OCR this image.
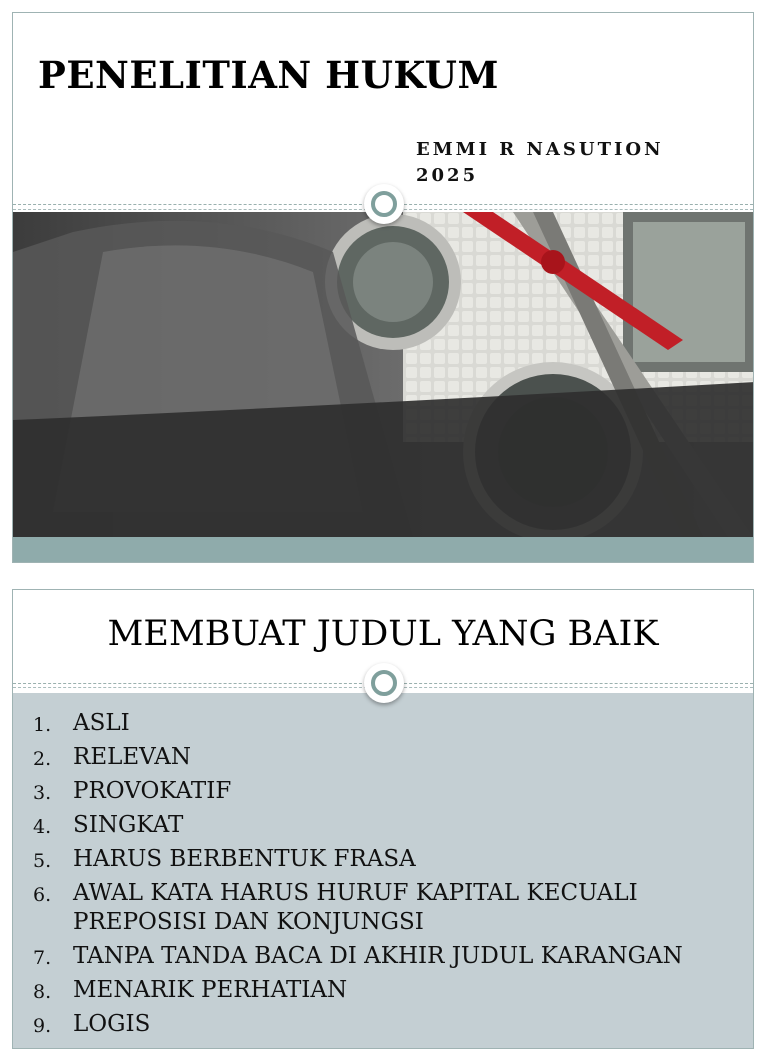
PENELITIAN HUKUM
EMMI R NASUTION
2025
MEMBUAT JUDUL YANG BAIK
1. ASLI
2. RELEVAN
3. PROVOKATIF
4. SINGKAT
5. HARUS BERBENTUK FRASA
6. AWAL KATA HARUS HURUF KAPITAL KECUALI PREPOSISI DAN KONJUNGSI
7. TANPA TANDA BACA DI AKHIR JUDUL KARANGAN
8. MENARIK PERHATIAN
9. LOGIS
